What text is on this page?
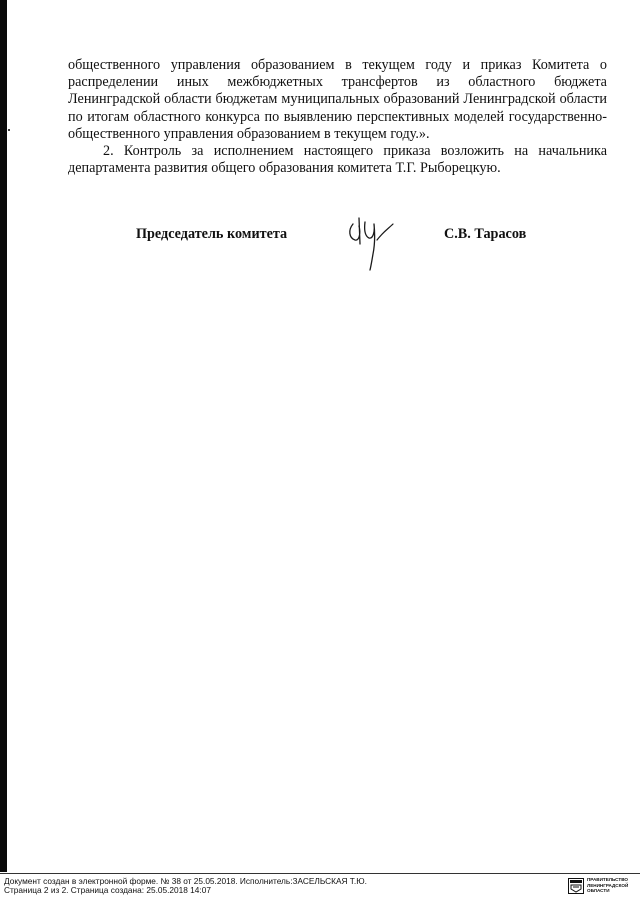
общественного управления образованием в текущем году и приказ Комитета о распределении иных межбюджетных трансфертов из областного бюджета Ленинградской области бюджетам муниципальных образований Ленинградской области по итогам областного конкурса по выявлению перспективных моделей государственно-общественного управления образованием в текущем году.».

2. Контроль за исполнением настоящего приказа возложить на начальника департамента развития общего образования комитета Т.Г. Рыборецкую.

Председатель комитета	С.В. Тарасов
Документ создан в электронной форме. № 38 от 25.05.2018. Исполнитель:ЗАСЕЛЬСКАЯ Т.Ю.
Страница 2 из 2. Страница создана: 25.05.2018 14:07
ПРАВИТЕЛЬСТВО
ЛЕНИНГРАДСКОЙ
ОБЛАСТИ
